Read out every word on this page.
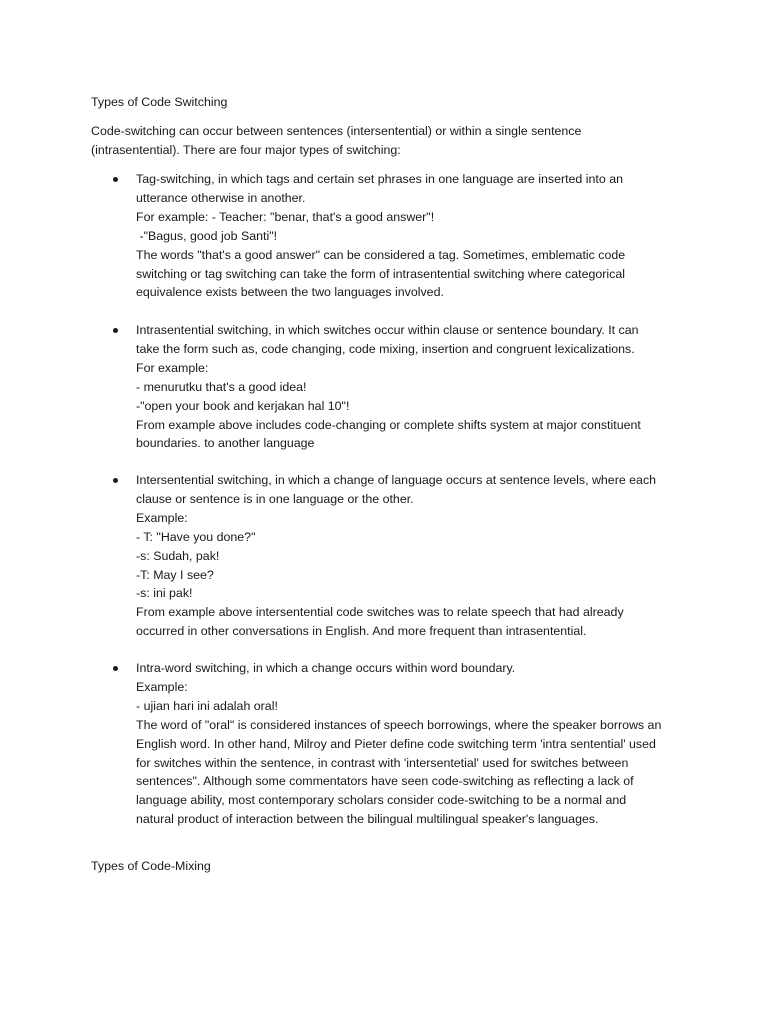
Types of Code Switching
Code-switching can occur between sentences (intersentential) or within a single sentence
(intrasentential). There are four major types of switching:
Tag-switching, in which tags and certain set phrases in one language are inserted into an
utterance otherwise in another.
For example: - Teacher: "benar, that's a good answer"!
-"Bagus, good job Santi"!
The words "that's a good answer" can be considered a tag. Sometimes, emblematic code
switching or tag switching can take the form of intrasentential switching where categorical
equivalence exists between the two languages involved.
Intrasentential switching, in which switches occur within clause or sentence boundary. It can
take the form such as, code changing, code mixing, insertion and congruent lexicalizations.
For example:
- menurutku that's a good idea!
-"open your book and kerjakan hal 10"!
From example above includes code-changing or complete shifts system at major constituent
boundaries. to another language
Intersentential switching, in which a change of language occurs at sentence levels, where each
clause or sentence is in one language or the other.
Example:
- T: "Have you done?"
-s: Sudah, pak!
-T: May I see?
-s: ini pak!
From example above intersentential code switches was to relate speech that had already
occurred in other conversations in English. And more frequent than intrasentential.
Intra-word switching, in which a change occurs within word boundary.
Example:
- ujian hari ini adalah oral!
The word of "oral" is considered instances of speech borrowings, where the speaker borrows an
English word. In other hand, Milroy and Pieter define code switching term 'intra sentential' used
for switches within the sentence, in contrast with 'intersentetial' used for switches between
sentences". Although some commentators have seen code-switching as reflecting a lack of
language ability, most contemporary scholars consider code-switching to be a normal and
natural product of interaction between the bilingual multilingual speaker's languages.
Types of Code-Mixing
